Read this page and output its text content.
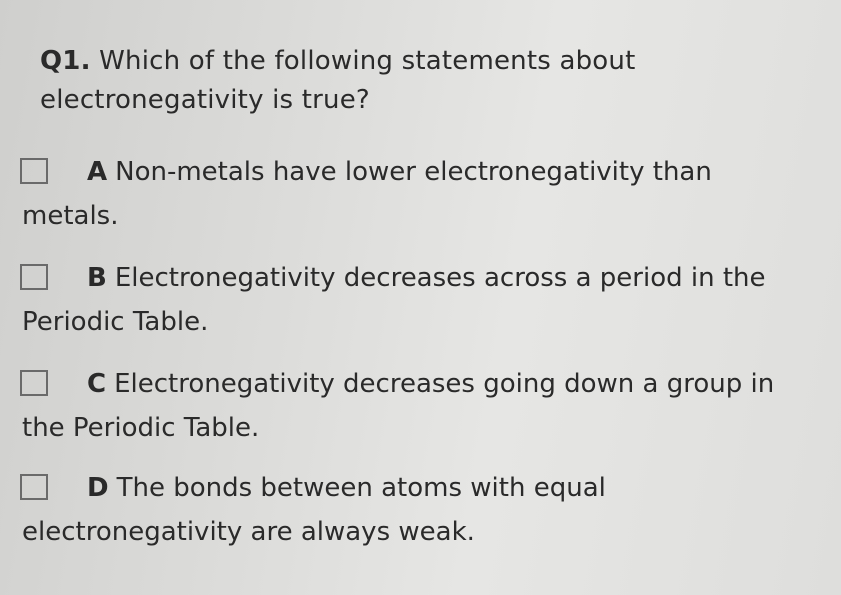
Q1. Which of the following statements about
electronegativity is true?
A Non-metals have lower electronegativity than
metals.
B Electronegativity decreases across a period in the
Periodic Table.
C Electronegativity decreases going down a group in
the Periodic Table.
D The bonds between atoms with equal
electronegativity are always weak.
